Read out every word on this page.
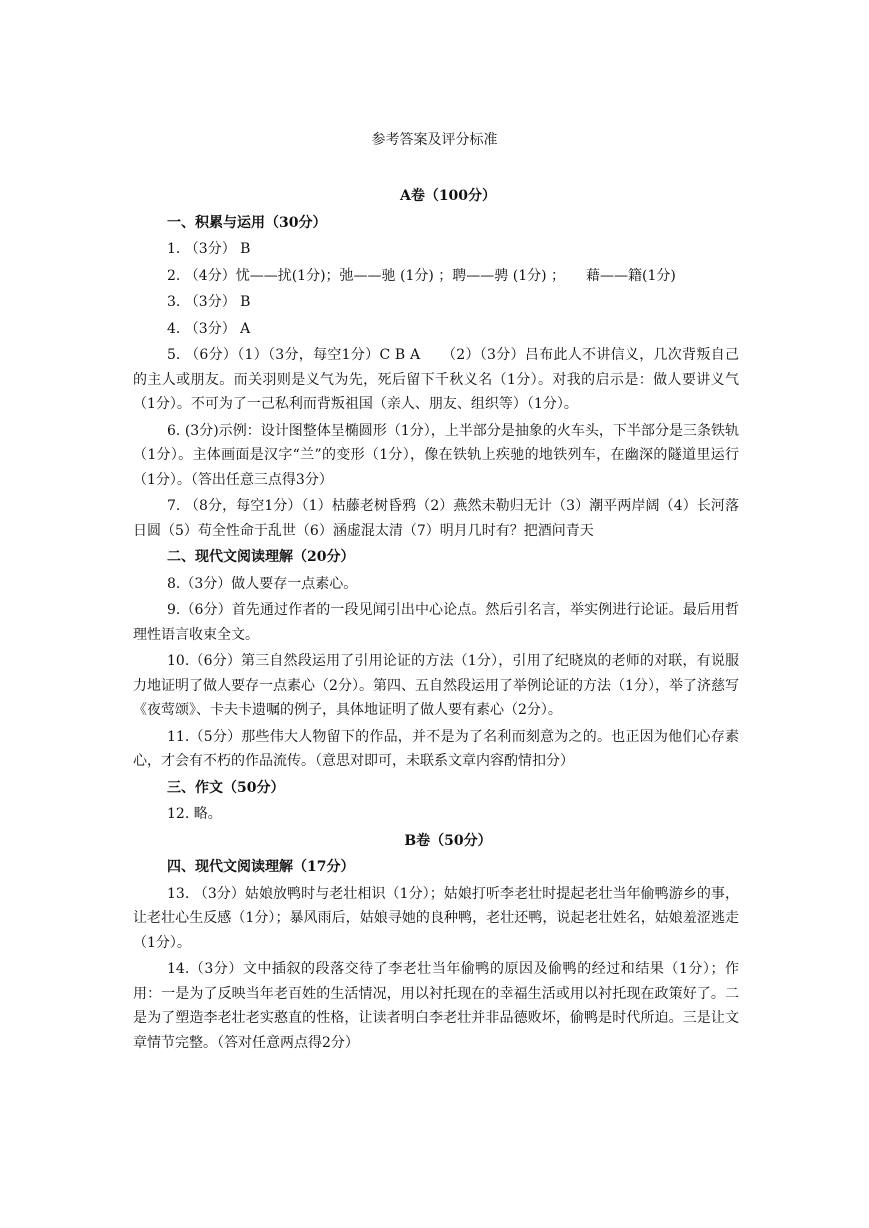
参考答案及评分标准

A卷（100分）

一、积累与运用（30分）

1. （3分） B

2. （4分）忧——扰(1分)；弛——驰 (1分) ；聘——骋 (1分) ；　　藉——籍(1分)

3. （3分） B

4. （3分） A

5. （6分）（1）（3分，每空1分）C B A　　（2）（3分）吕布此人不讲信义，几次背叛自己的主人或朋友。而关羽则是义气为先，死后留下千秋义名（1分）。对我的启示是：做人要讲义气（1分）。不可为了一己私利而背叛祖国（亲人、朋友、组织等）（1分）。

6. (3分)示例：设计图整体呈椭圆形（1分），上半部分是抽象的火车头，下半部分是三条铁轨（1分）。主体画面是汉字“兰”的变形（1分），像在铁轨上疾驰的地铁列车，在幽深的隧道里运行（1分）。（答出任意三点得3分）

7. （8分，每空1分）（1）枯藤老树昏鸦（2）燕然未勒归无计（3）潮平两岸阔（4）长河落日圆（5）苟全性命于乱世（6）涵虚混太清（7）明月几时有？把酒问青天

二、现代文阅读理解（20分）

8.（3分）做人要存一点素心。

9.（6分）首先通过作者的一段见闻引出中心论点。然后引名言，举实例进行论证。最后用哲理性语言收束全文。

10.（6分）第三自然段运用了引用论证的方法（1分），引用了纪晓岚的老师的对联，有说服力地证明了做人要存一点素心（2分）。第四、五自然段运用了举例论证的方法（1分），举了济慈写《夜莺颂》、卡夫卡遗嘱的例子，具体地证明了做人要有素心（2分）。

11.（5分）那些伟大人物留下的作品，并不是为了名利而刻意为之的。也正因为他们心存素心，才会有不朽的作品流传。（意思对即可，未联系文章内容酌情扣分）

三、作文（50分）

12. 略。

B卷（50分）

四、现代文阅读理解（17分）

13. （3分）姑娘放鸭时与老壮相识（1分）；姑娘打听李老壮时提起老壮当年偷鸭游乡的事，让老壮心生反感（1分）；暴风雨后，姑娘寻她的良种鸭，老壮还鸭，说起老壮姓名，姑娘羞涩逃走（1分）。

14.（3分）文中插叙的段落交待了李老壮当年偷鸭的原因及偷鸭的经过和结果（1分）；作用：一是为了反映当年老百姓的生活情况，用以衬托现在的幸福生活或用以衬托现在政策好了。二是为了塑造李老壮老实憨直的性格，让读者明白李老壮并非品德败坏，偷鸭是时代所迫。三是让文章情节完整。（答对任意两点得2分）
